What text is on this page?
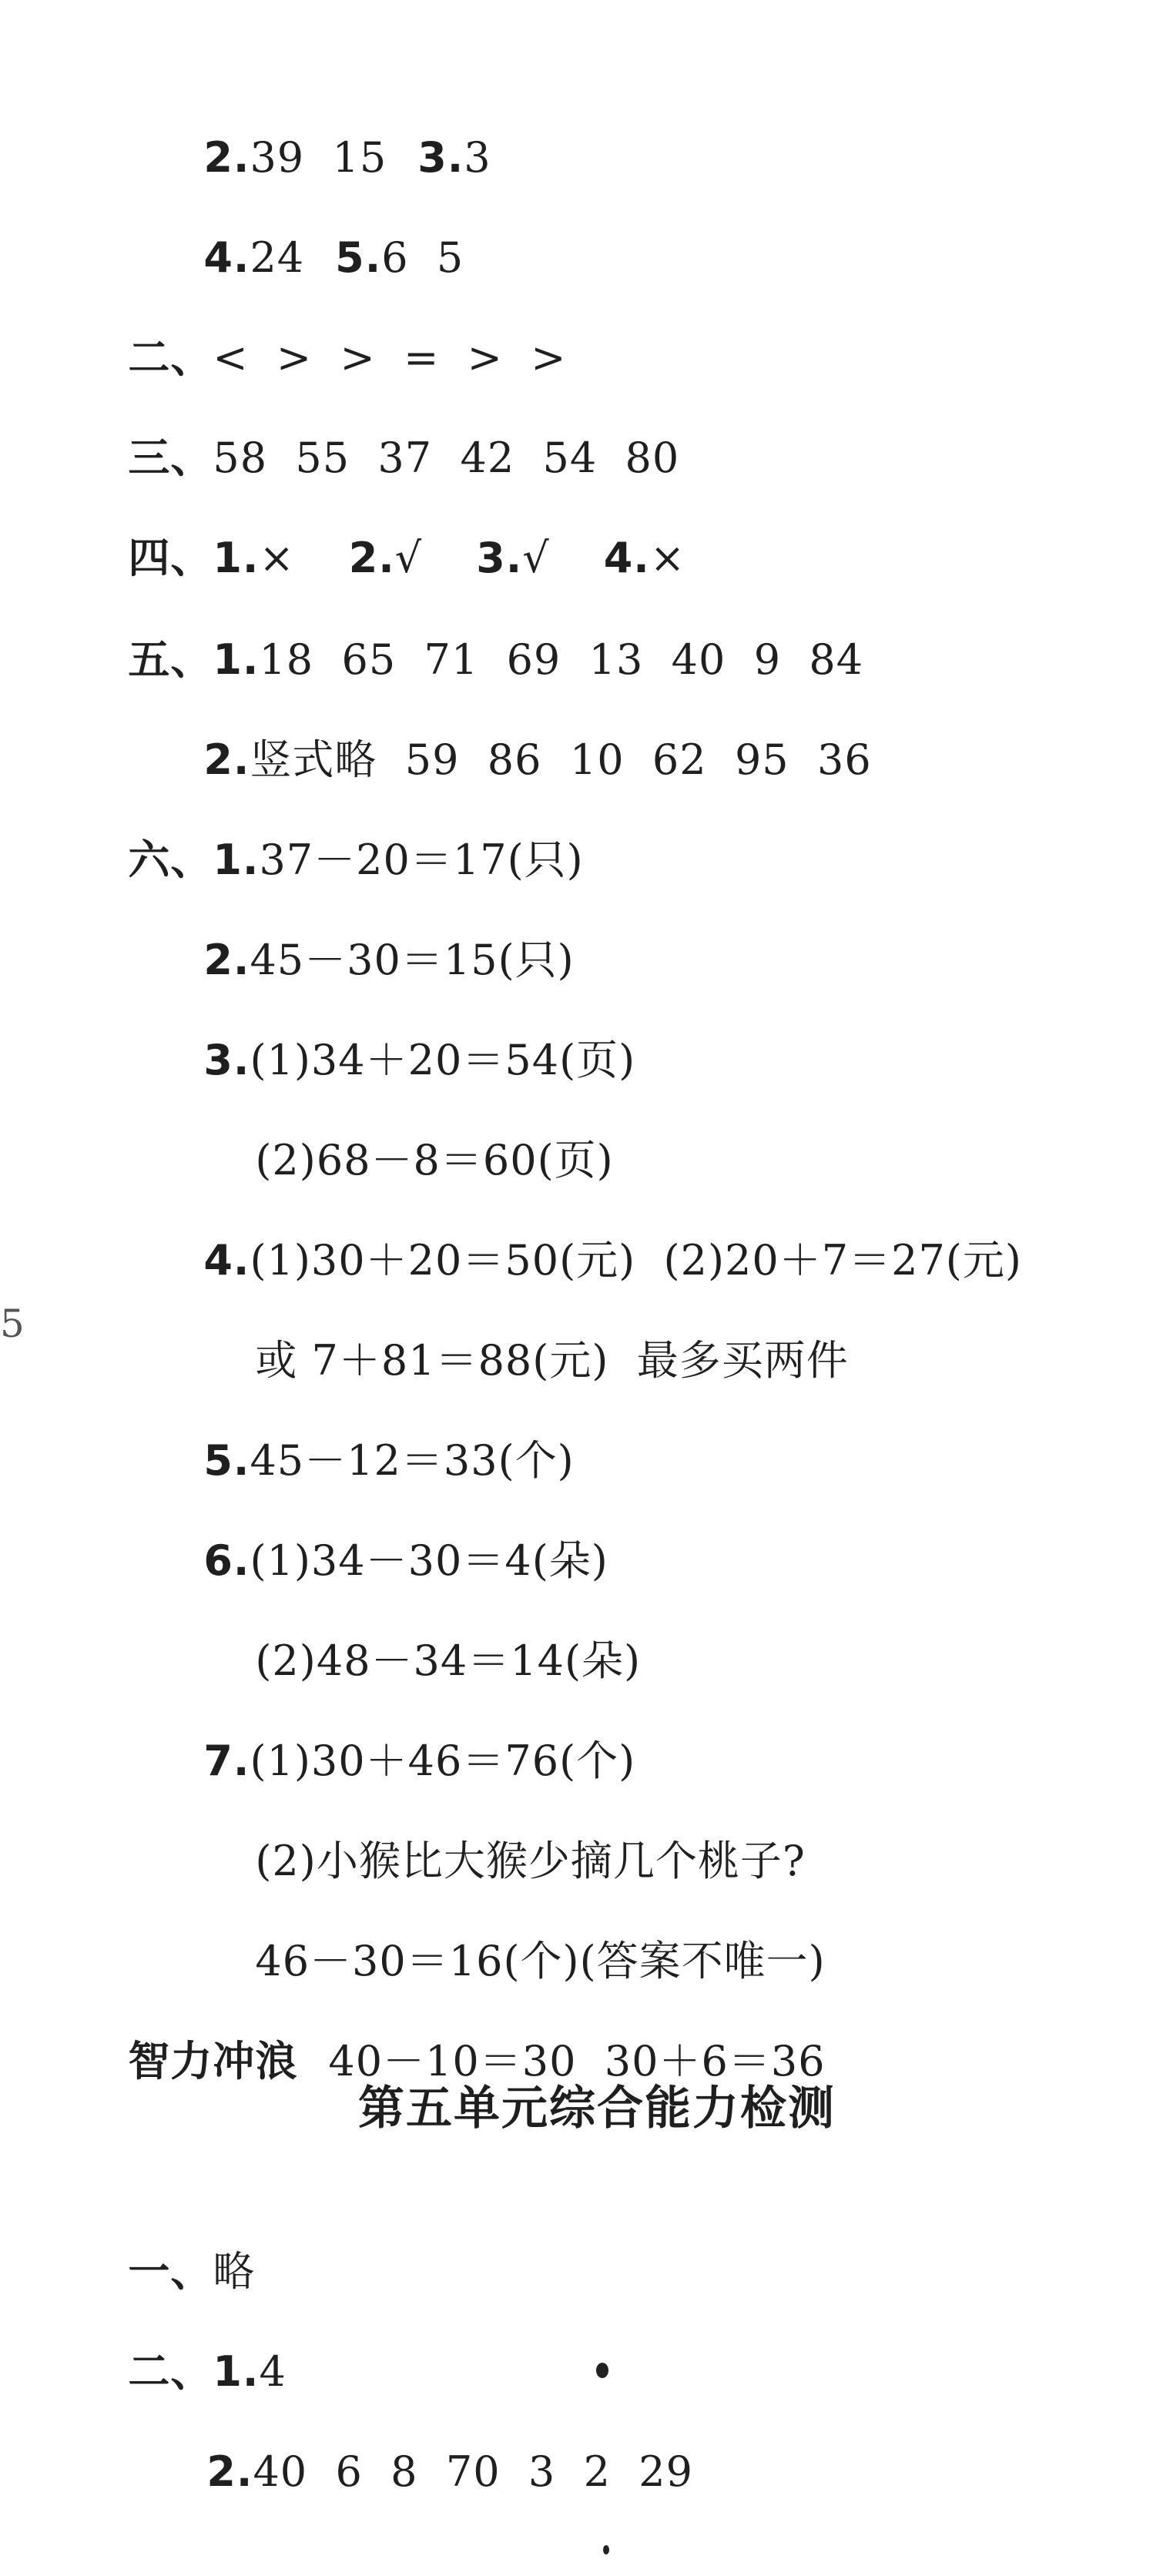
2.39  15 3.3

4.24 5.6  5

二、<  >  >  =  >  >

三、58  55  37  42  54  80

四、1.× 2.√ 3.√ 4.×

五、1.18  65  71  69  13  40  9  84

2.竖式略  59  86  10  62  95  36

六、1.37－20＝17(只)

2.45－30＝15(只)

3.(1)34＋20＝54(页)

(2)68－8＝60(页)

4.(1)30＋20＝50(元)  (2)20＋7＝27(元)

或 7＋81＝88(元)  最多买两件

5.45－12＝33(个)

6.(1)34－30＝4(朵)

(2)48－34＝14(朵)

7.(1)30＋46＝76(个)

(2)小猴比大猴少摘几个桃子?

46－30＝16(个)(答案不唯一)

智力冲浪 40－10＝30  30＋6＝36

第五单元综合能力检测

一、略

二、1.4

2.40  6  8  70  3  2  29

5
